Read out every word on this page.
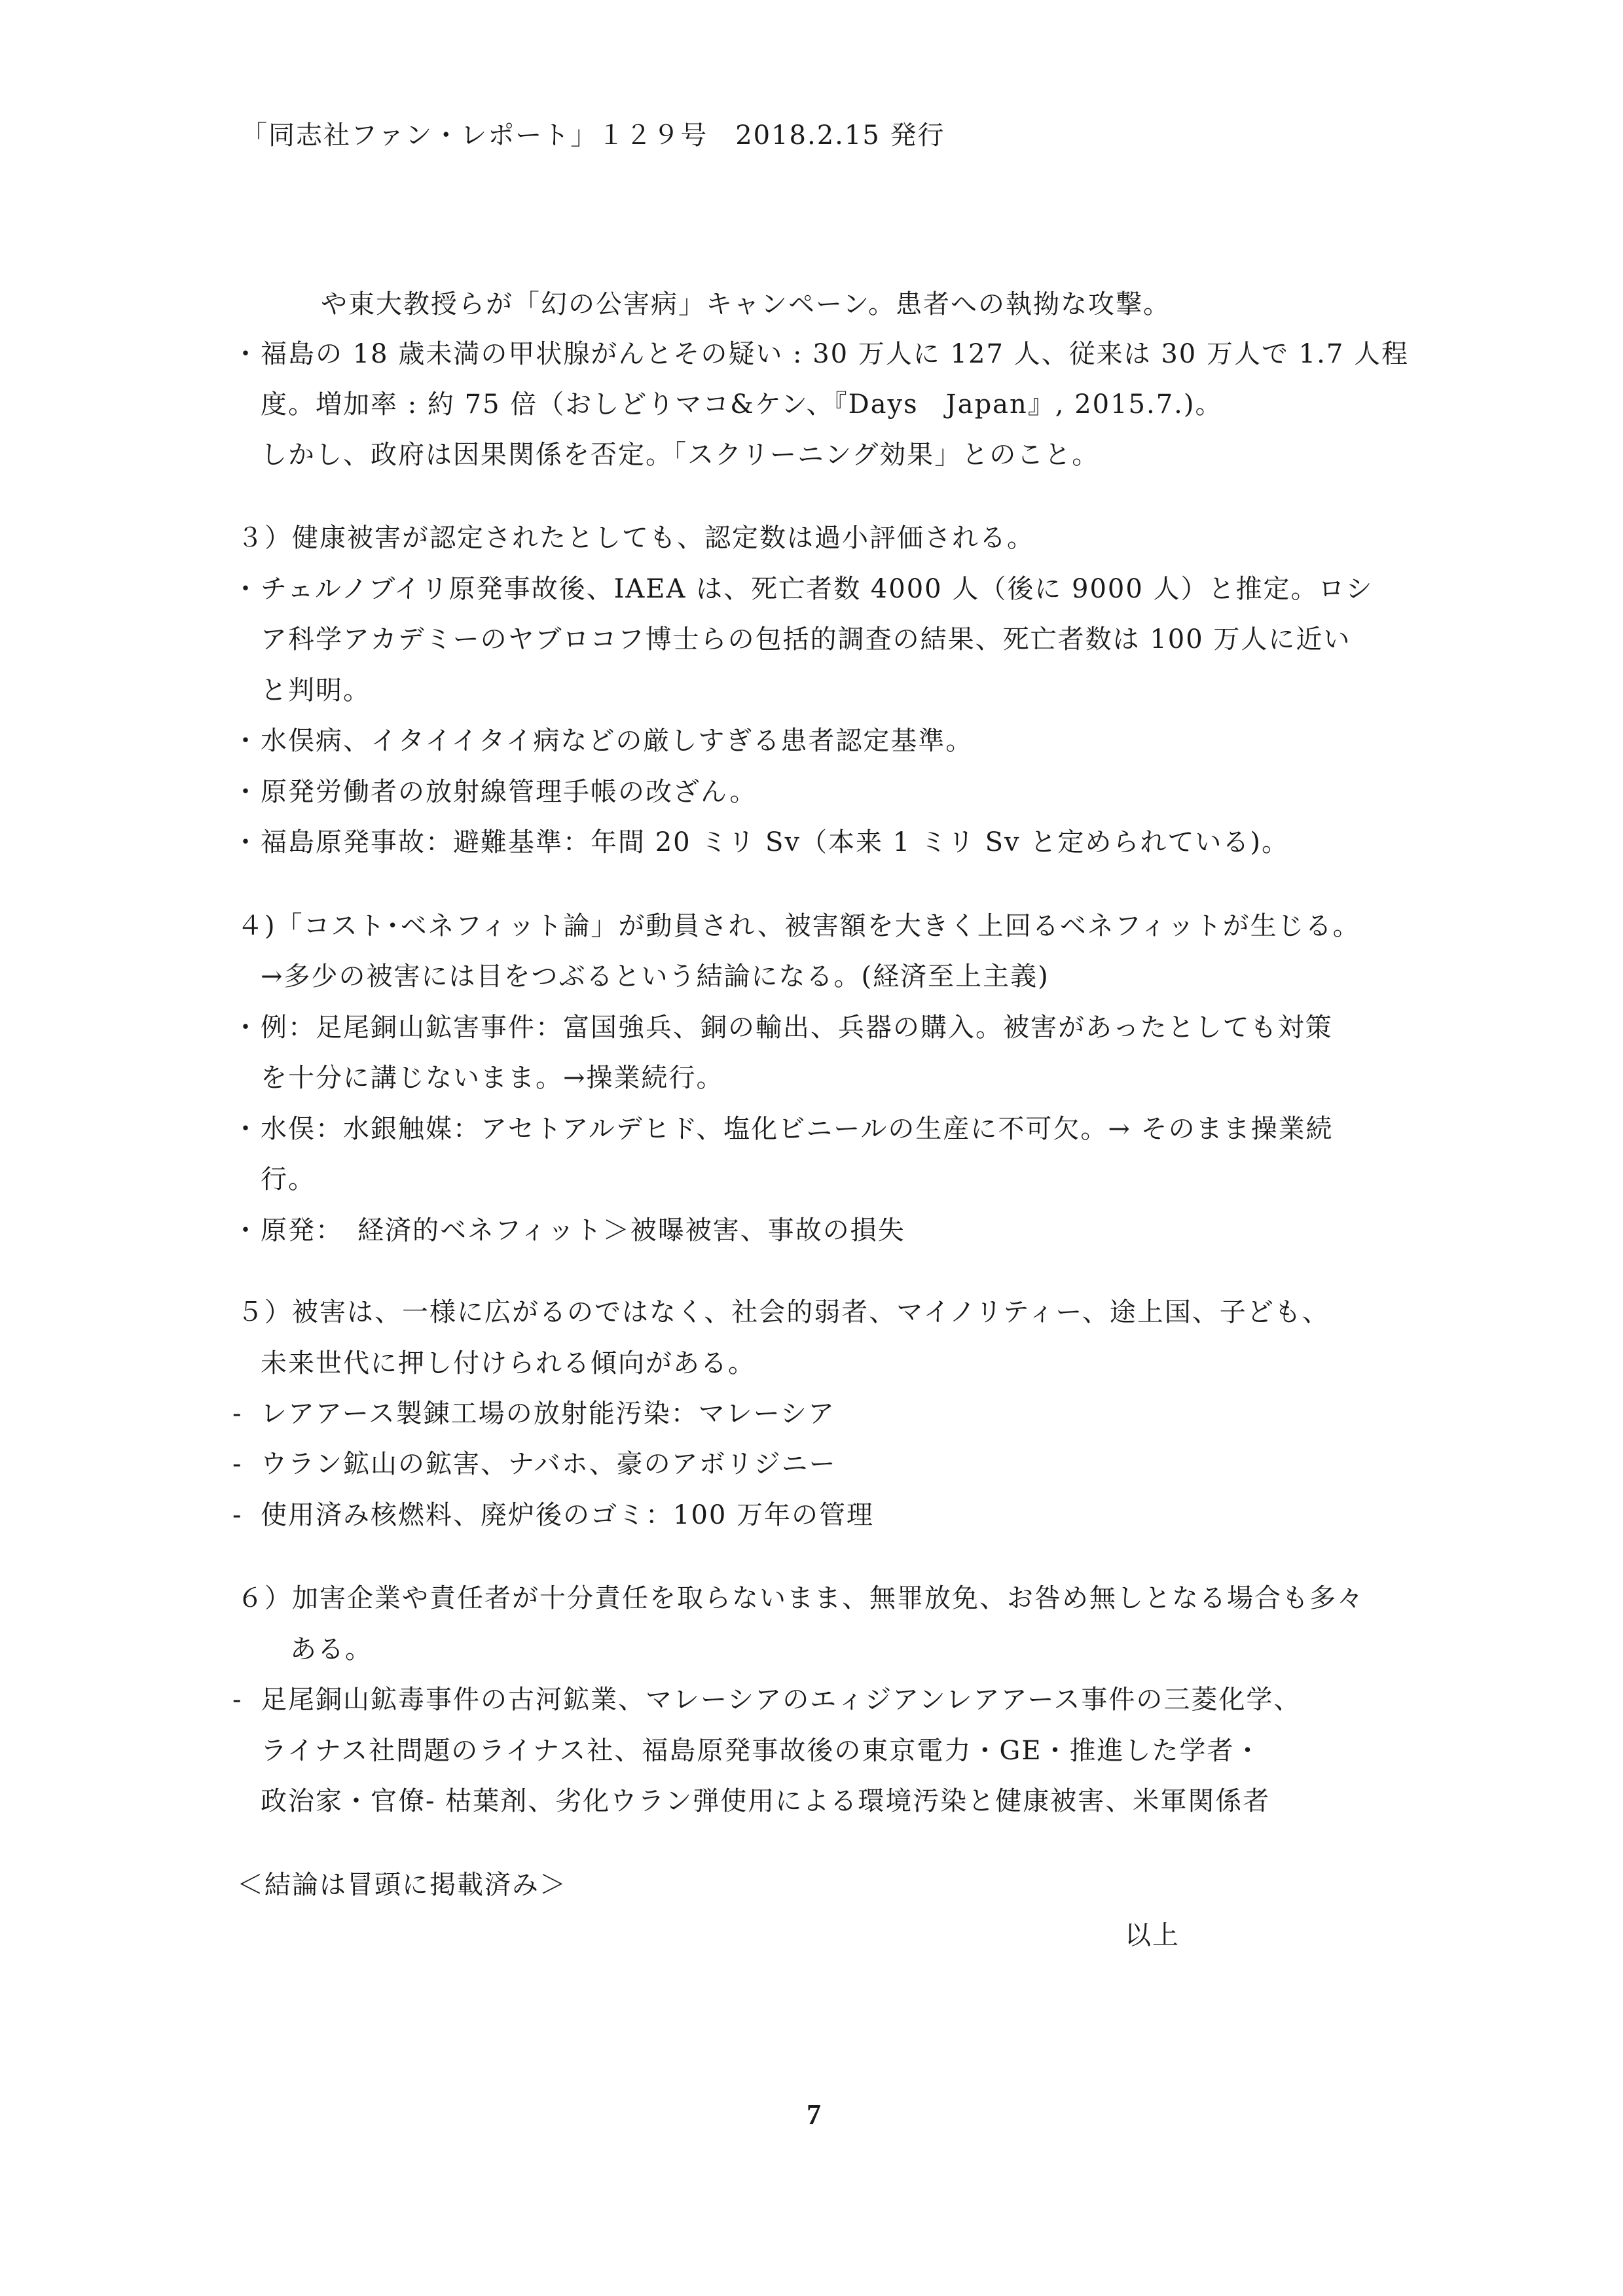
「同志社ファン・レポート」１２９号　2018.2.15 発行
や東大教授らが「幻の公害病」キャンペーン。患者への執拗な攻撃。
・ 福島の 18 歳未満の甲状腺がんとその疑い : 30 万人に 127 人、従来は 30 万人で 1.7 人程
度。増加率 : 約 75 倍（おしどりマコ&ケン、『Days　Japan』, 2015.7.)。
しかし、政府は因果関係を否定。「スクリーニング効果」とのこと。
３）健康被害が認定されたとしても、認定数は過小評価される。
・ チェルノブイリ原発事故後、IAEA は、死亡者数 4000 人（後に 9000 人）と推定。ロシ
ア科学アカデミーのヤブロコフ博士らの包括的調査の結果、死亡者数は 100 万人に近い
と判明。
・ 水俣病、イタイイタイ病などの厳しすぎる患者認定基準。
・ 原発労働者の放射線管理手帳の改ざん。
・ 福島原発事故：避難基準：年間 20 ミリ Sv（本来 1 ミリ Sv と定められている)。
４)「コスト･ベネフィット論」が動員され、被害額を大きく上回るベネフィットが生じる。
→多少の被害には目をつぶるという結論になる。(経済至上主義)
・ 例：足尾銅山鉱害事件：富国強兵、銅の輸出、兵器の購入。被害があったとしても対策
を十分に講じないまま。→操業続行。
・ 水俣：水銀触媒：アセトアルデヒド、塩化ビニールの生産に不可欠。→ そのまま操業続
行。
・ 原発：　経済的ベネフィット＞被曝被害、事故の損失
５）被害は、一様に広がるのではなく、社会的弱者、マイノリティー、途上国、子ども、
未来世代に押し付けられる傾向がある。
- レアアース製錬工場の放射能汚染：マレーシア
- ウラン鉱山の鉱害、ナバホ、豪のアボリジニー
- 使用済み核燃料、廃炉後のゴミ：100 万年の管理
６）加害企業や責任者が十分責任を取らないまま、無罪放免、お咎め無しとなる場合も多々
ある。
- 足尾銅山鉱毒事件の古河鉱業、マレーシアのエィジアンレアアース事件の三菱化学、
ライナス社問題のライナス社、福島原発事故後の東京電力・GE・推進した学者・
政治家・官僚- 枯葉剤、劣化ウラン弾使用による環境汚染と健康被害、米軍関係者
＜結論は冒頭に掲載済み＞
以上
7
